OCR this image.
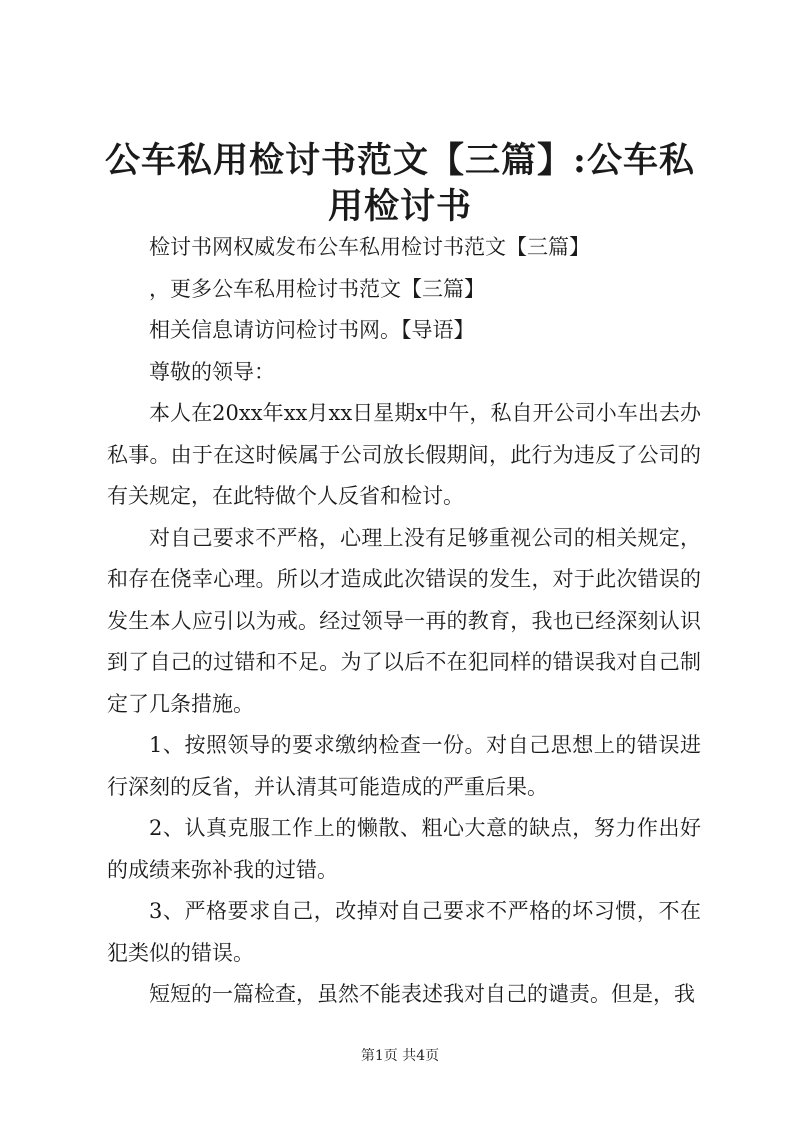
公车私用检讨书范文【三篇】:公车私用检讨书

检讨书网权威发布公车私用检讨书范文【三篇】

，更多公车私用检讨书范文【三篇】

相关信息请访问检讨书网。【导语】

尊敬的领导：

本人在20xx年xx月xx日星期x中午，私自开公司小车出去办私事。由于在这时候属于公司放长假期间，此行为违反了公司的有关规定，在此特做个人反省和检讨。

对自己要求不严格，心理上没有足够重视公司的相关规定，和存在侥幸心理。所以才造成此次错误的发生，对于此次错误的发生本人应引以为戒。经过领导一再的教育，我也已经深刻认识到了自己的过错和不足。为了以后不在犯同样的错误我对自己制定了几条措施。

1、按照领导的要求缴纳检查一份。对自己思想上的错误进行深刻的反省，并认清其可能造成的严重后果。

2、认真克服工作上的懒散、粗心大意的缺点，努力作出好的成绩来弥补我的过错。

3、严格要求自己，改掉对自己要求不严格的坏习惯，不在犯类似的错误。

短短的一篇检查，虽然不能表述我对自己的谴责。但是，我

第1页 共4页
